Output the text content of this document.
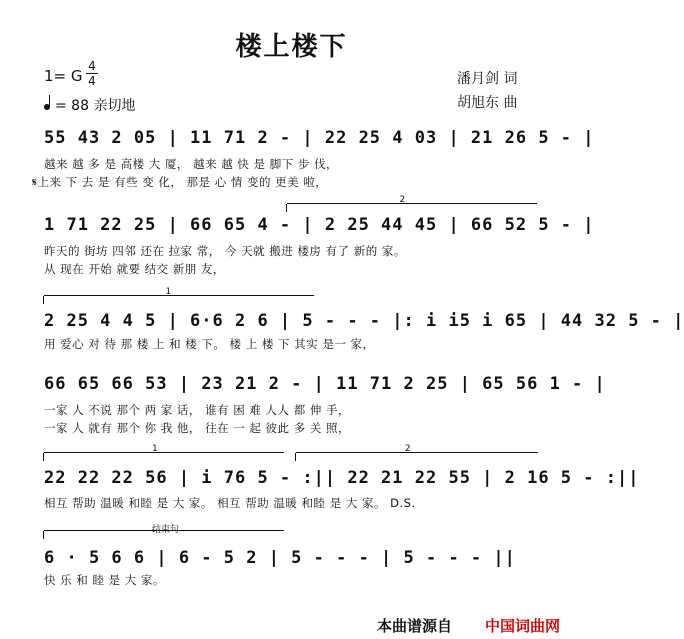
楼上楼下
1= G
4
4
= 88 亲切地
潘月剑 词
胡旭东 曲
55 43 2 05 | 11 71 2 - | 22 25 4 03 | 21 26 5 - |
越来 越 多 是 高楼 大 厦， 越来 越 快 是 脚下 步 伐，
𝄋上来 下 去 是 有些 变 化， 那是 心 情 变的 更美 啦，
2
1 71 22 25 | 66 65 4 - | 2 25 44 45 | 66 52 5 - |
昨天的 街坊 四邻 还在 拉家 常， 今 天就 搬进 楼房 有了 新的 家。
从 现在 开始 就要 结交 新朋 友，
1
2 25 4 4 5 | 6·6 2 6 | 5 - - - |: i i5 i 65 | 44 32 5 - |
用 爱心 对 待 那 楼 上 和 楼 下。 楼 上 楼 下 其实 是一 家，
66 65 66 53 | 23 21 2 - | 11 71 2 25 | 65 56 1 - |
一家 人 不说 那个 两 家 话， 谁有 困 难 人人 都 伸 手，
一家 人 就有 那个 你 我 他， 往在 一 起 彼此 多 关 照，
1	2
22 22 22 56 | i 76 5 - :|| 22 21 22 55 | 2 16 5 - :||
相互 帮助 温暖 和睦 是 大 家。 相互 帮助 温暖 和睦 是 大 家。 D.S.
结束句
6 · 5 6 6 | 6 - 5 2 | 5 - - - | 5 - - - ||
快 乐 和 睦 是 大 家。
本曲谱源自 中国词曲网
